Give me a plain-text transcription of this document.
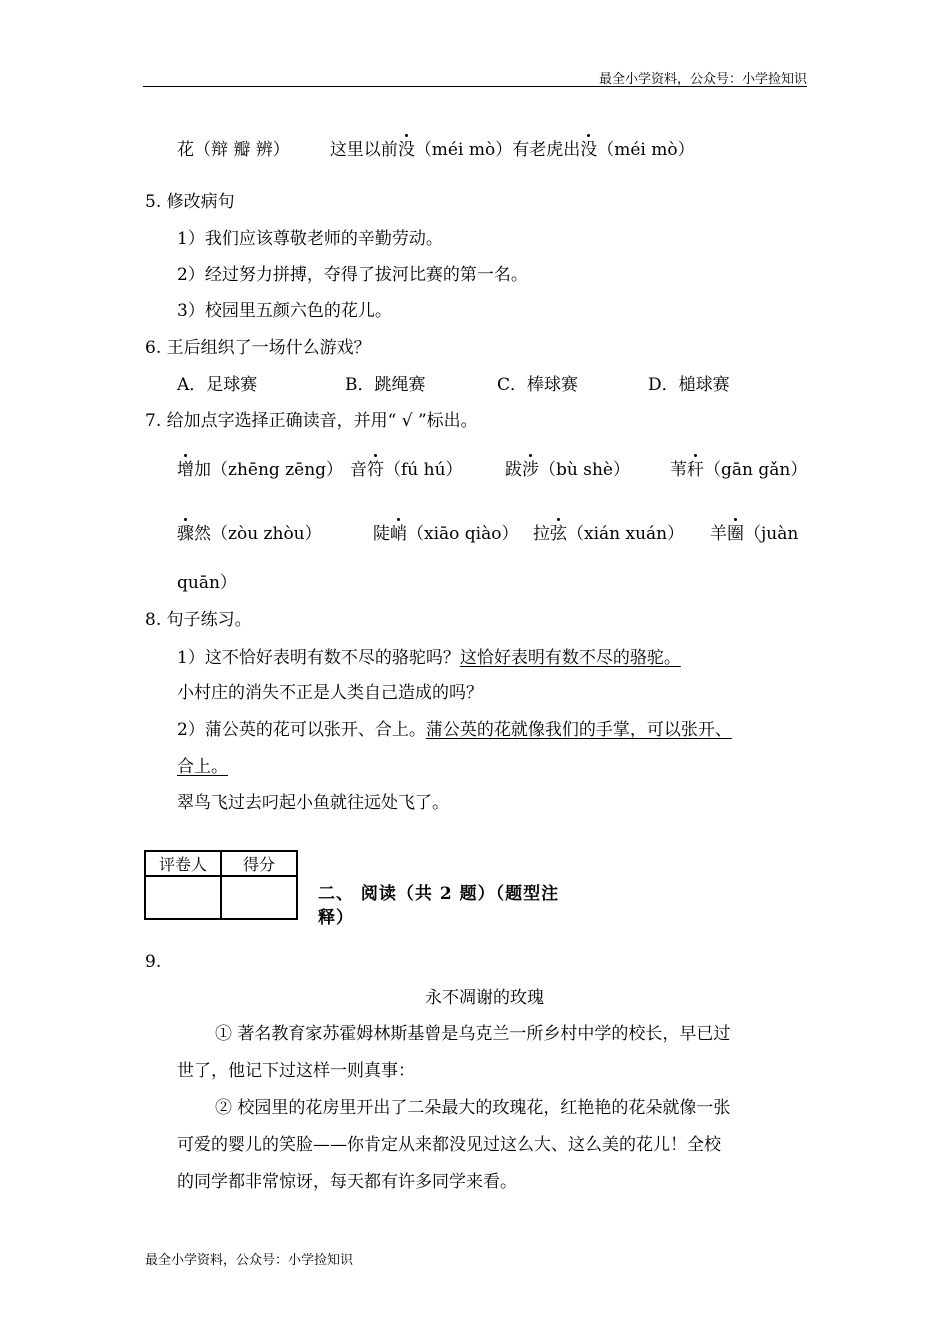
最全小学资料，公众号：小学捡知识
花（辩 瓣 辨） 这里以前没（méi mò）有老虎出没（méi mò）
5. 修改病句
1）我们应该尊敬老师的辛勤劳动。
2）经过努力拼搏，夺得了拔河比赛的第一名。
3）校园里五颜六色的花儿。
6. 王后组织了一场什么游戏？
A．足球赛	B．跳绳赛	C．棒球赛	D．槌球赛
7. 给加点字选择正确读音，并用“ √ ”标出。
增加（zhēng zēng） 音符（fú hú） 跋涉（bù shè） 苇秆（gān gǎn）
骤然（zòu zhòu）	陡峭（xiāo qiào） 拉弦（xián xuán） 羊圈（juàn
quān）
8. 句子练习。
1）这不恰好表明有数不尽的骆驼吗？这恰好表明有数不尽的骆驼。
小村庄的消失不正是人类自己造成的吗？
2）蒲公英的花可以张开、合上。蒲公英的花就像我们的手掌，可以张开、
合上。
翠鸟飞过去叼起小鱼就往远处飞了。
评卷人	得分

二、 阅读（共 2 题）（题型注
释）
9.
永不凋谢的玫瑰
① 著名教育家苏霍姆林斯基曾是乌克兰一所乡村中学的校长，早已过
世了，他记下过这样一则真事：
② 校园里的花房里开出了二朵最大的玫瑰花，红艳艳的花朵就像一张
可爱的婴儿的笑脸——你肯定从来都没见过这么大、这么美的花儿！全校
的同学都非常惊讶，每天都有许多同学来看。
最全小学资料，公众号：小学捡知识
